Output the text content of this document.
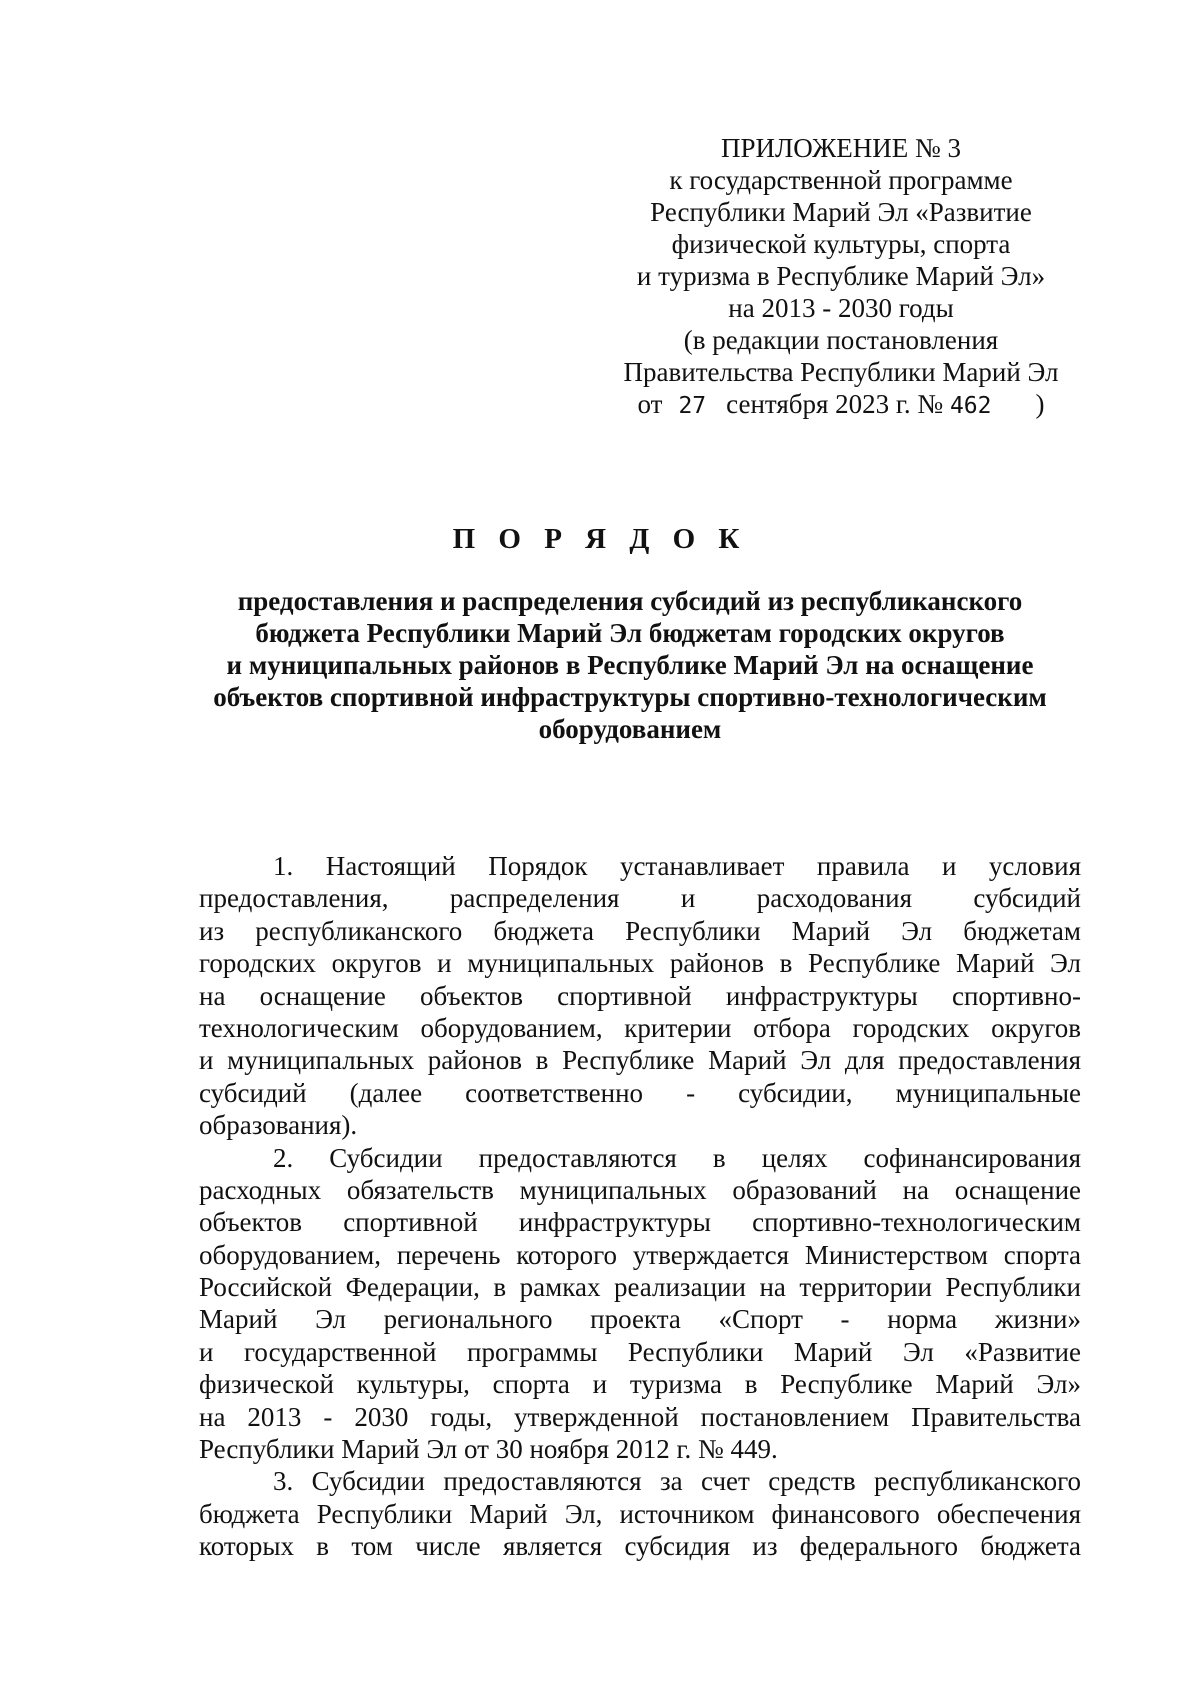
ПРИЛОЖЕНИЕ № 3
к государственной программе
Республики Марий Эл «Развитие
физической культуры, спорта
и туризма в Республике Марий Эл»
на 2013 - 2030 годы
(в редакции постановления
Правительства Республики Марий Эл
от 27 сентября 2023 г. № 462 )
П О Р Я Д О К
предоставления и распределения субсидий из республиканского
бюджета Республики Марий Эл бюджетам городских округов
и муниципальных районов в Республике Марий Эл на оснащение
объектов спортивной инфраструктуры спортивно-технологическим
оборудованием
1. Настоящий Порядок устанавливает правила и условия
предоставления, распределения и расходования субсидий
из республиканского бюджета Республики Марий Эл бюджетам
городских округов и муниципальных районов в Республике Марий Эл
на оснащение объектов спортивной инфраструктуры спортивно-
технологическим оборудованием, критерии отбора городских округов
и муниципальных районов в Республике Марий Эл для предоставления
субсидий (далее соответственно - субсидии, муниципальные
образования).
2. Субсидии предоставляются в целях софинансирования
расходных обязательств муниципальных образований на оснащение
объектов спортивной инфраструктуры спортивно-технологическим
оборудованием, перечень которого утверждается Министерством спорта
Российской Федерации, в рамках реализации на территории Республики
Марий Эл регионального проекта «Спорт - норма жизни»
и государственной программы Республики Марий Эл «Развитие
физической культуры, спорта и туризма в Республике Марий Эл»
на 2013 - 2030 годы, утвержденной постановлением Правительства
Республики Марий Эл от 30 ноября 2012 г. № 449.
3. Субсидии предоставляются за счет средств республиканского
бюджета Республики Марий Эл, источником финансового обеспечения
которых в том числе является субсидия из федерального бюджета
